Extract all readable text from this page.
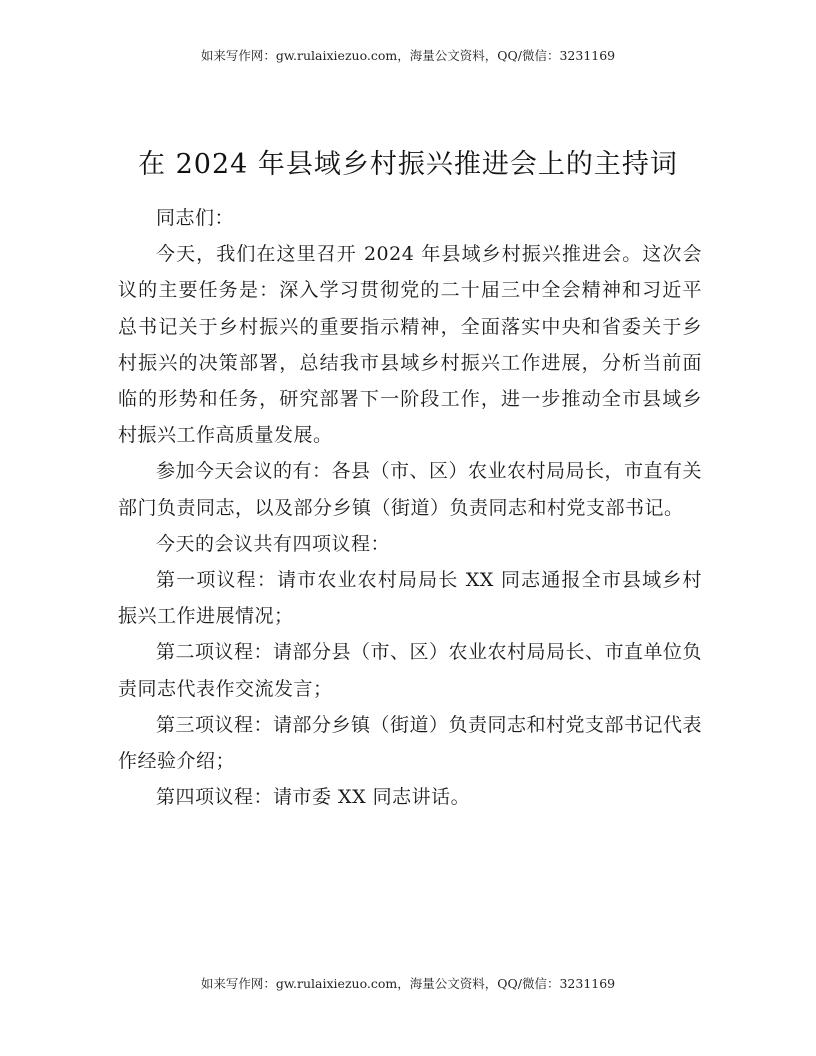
如来写作网：gw.rulaixiezuo.com，海量公文资料，QQ/微信：3231169
在 2024 年县域乡村振兴推进会上的主持词

同志们：

今天，我们在这里召开 2024 年县域乡村振兴推进会。这次会议的主要任务是：深入学习贯彻党的二十届三中全会精神和习近平总书记关于乡村振兴的重要指示精神，全面落实中央和省委关于乡村振兴的决策部署，总结我市县域乡村振兴工作进展，分析当前面临的形势和任务，研究部署下一阶段工作，进一步推动全市县域乡村振兴工作高质量发展。

参加今天会议的有：各县（市、区）农业农村局局长，市直有关部门负责同志，以及部分乡镇（街道）负责同志和村党支部书记。

今天的会议共有四项议程：

第一项议程：请市农业农村局局长 XX 同志通报全市县域乡村振兴工作进展情况；

第二项议程：请部分县（市、区）农业农村局局长、市直单位负责同志代表作交流发言；

第三项议程：请部分乡镇（街道）负责同志和村党支部书记代表作经验介绍；

第四项议程：请市委 XX 同志讲话。

如来写作网：gw.rulaixiezuo.com，海量公文资料，QQ/微信：3231169
